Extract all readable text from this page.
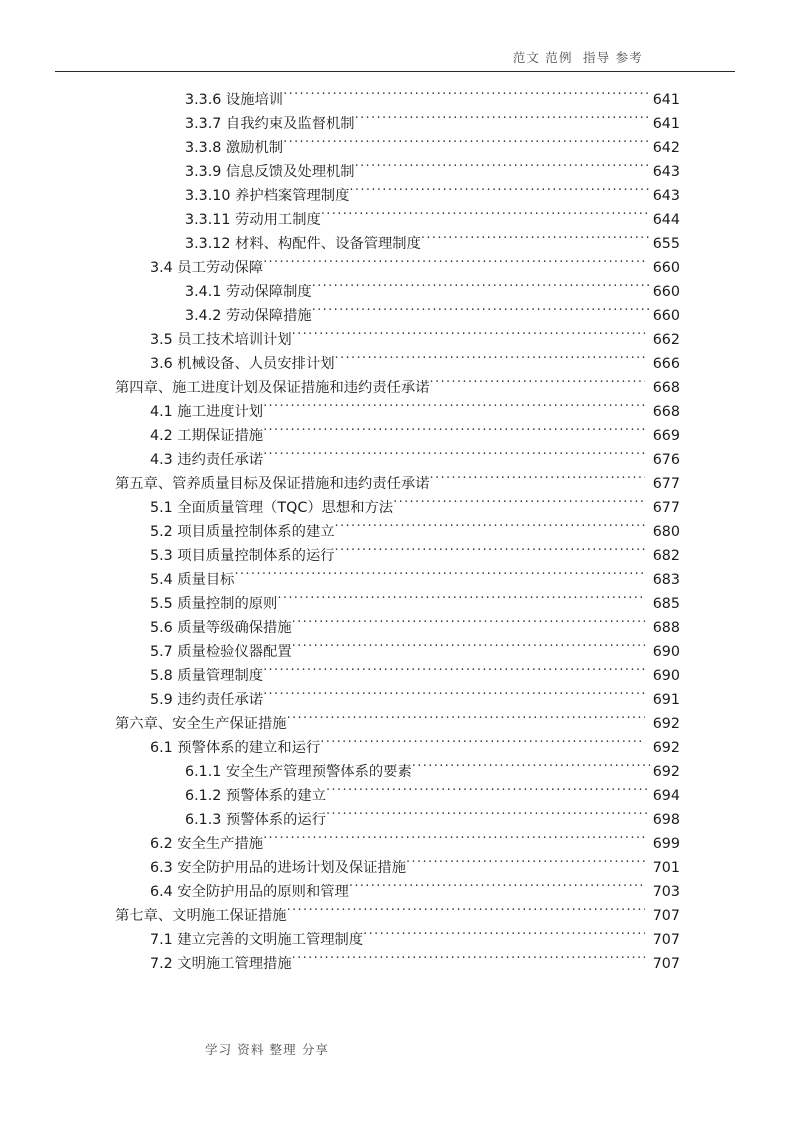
范文 范例  指导 参考
3.3.6 设施培训 .....	641
3.3.7 自我约束及监督机制 .....	641
3.3.8 激励机制 .....	642
3.3.9 信息反馈及处理机制 .....	643
3.3.10 养护档案管理制度 .....	643
3.3.11 劳动用工制度 .....	644
3.3.12 材料、构配件、设备管理制度 .....	655
3.4 员工劳动保障 .....	660
3.4.1 劳动保障制度 .....	660
3.4.2 劳动保障措施 .....	660
3.5 员工技术培训计划 .....	662
3.6 机械设备、人员安排计划 .....	666
第四章、施工进度计划及保证措施和违约责任承诺 .....	668
4.1 施工进度计划 .....	668
4.2 工期保证措施 .....	669
4.3 违约责任承诺 .....	676
第五章、管养质量目标及保证措施和违约责任承诺 .....	677
5.1 全面质量管理（TQC）思想和方法 .....	677
5.2 项目质量控制体系的建立 .....	680
5.3 项目质量控制体系的运行 .....	682
5.4 质量目标 .....	683
5.5 质量控制的原则 .....	685
5.6 质量等级确保措施 .....	688
5.7 质量检验仪器配置 .....	690
5.8 质量管理制度 .....	690
5.9 违约责任承诺 .....	691
第六章、安全生产保证措施 .....	692
6.1 预警体系的建立和运行 .....	692
6.1.1 安全生产管理预警体系的要素 .....	692
6.1.2 预警体系的建立 .....	694
6.1.3 预警体系的运行 .....	698
6.2 安全生产措施 .....	699
6.3 安全防护用品的进场计划及保证措施 .....	701
6.4 安全防护用品的原则和管理 .....	703
第七章、文明施工保证措施 .....	707
7.1 建立完善的文明施工管理制度 .....	707
7.2 文明施工管理措施 .....	707
学习 资料 整理 分享
